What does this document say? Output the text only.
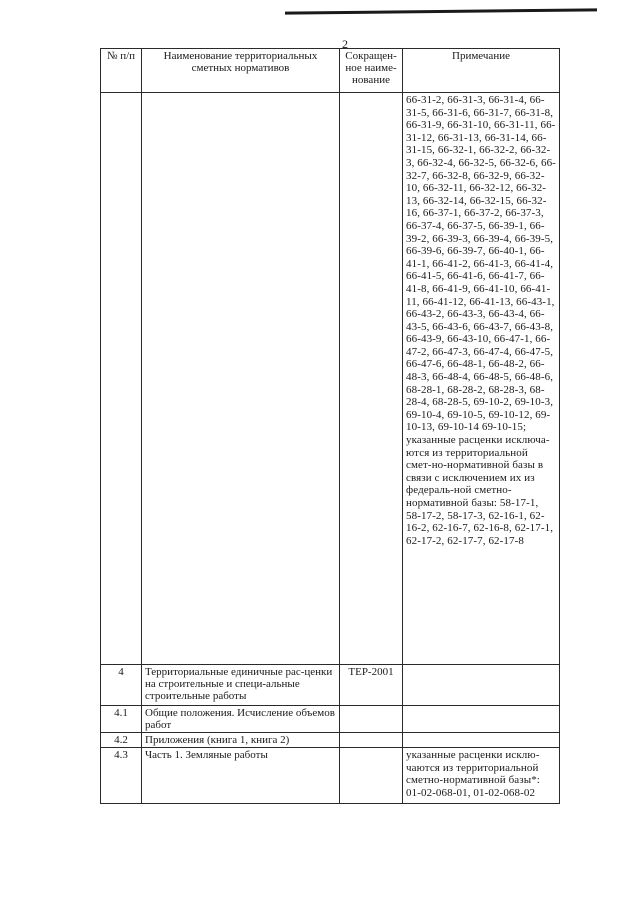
2
№ п/п	Наименование территориальных сметных нормативов	Сокращен-ное наиме-нование	Примечание
			66-31-2, 66-31-3, 66-31-4, 66-31-5, 66-31-6, 66-31-7, 66-31-8, 66-31-9, 66-31-10, 66-31-11, 66-31-12, 66-31-13, 66-31-14, 66-31-15, 66-32-1, 66-32-2, 66-32-3, 66-32-4, 66-32-5, 66-32-6, 66-32-7, 66-32-8, 66-32-9, 66-32-10, 66-32-11, 66-32-12, 66-32-13, 66-32-14, 66-32-15, 66-32-16, 66-37-1, 66-37-2, 66-37-3, 66-37-4, 66-37-5, 66-39-1, 66-39-2, 66-39-3, 66-39-4, 66-39-5, 66-39-6, 66-39-7, 66-40-1, 66-41-1, 66-41-2, 66-41-3, 66-41-4, 66-41-5, 66-41-6, 66-41-7, 66-41-8, 66-41-9, 66-41-10, 66-41-11, 66-41-12, 66-41-13, 66-43-1, 66-43-2, 66-43-3, 66-43-4, 66-43-5, 66-43-6, 66-43-7, 66-43-8, 66-43-9, 66-43-10, 66-47-1, 66-47-2, 66-47-3, 66-47-4, 66-47-5, 66-47-6, 66-48-1, 66-48-2, 66-48-3, 66-48-4, 66-48-5, 66-48-6, 68-28-1, 68-28-2, 68-28-3, 68-28-4, 68-28-5, 69-10-2, 69-10-3, 69-10-4, 69-10-5, 69-10-12, 69-10-13, 69-10-14 69-10-15; указанные расценки исключа-ются из территориальной смет-но-нормативной базы в связи с исключением их из федераль-ной сметно-нормативной базы: 58-17-1, 58-17-2, 58-17-3, 62-16-1, 62-16-2, 62-16-7, 62-16-8, 62-17-1, 62-17-2, 62-17-7, 62-17-8
4	Территориальные единичные рас-ценки на строительные и специ-альные строительные работы	ТЕР-2001	
4.1	Общие положения. Исчисление объемов работ		
4.2	Приложения (книга 1, книга 2)		
4.3	Часть 1. Земляные работы		указанные расценки исклю-чаются из территориальной сметно-нормативной базы*: 01-02-068-01, 01-02-068-02
